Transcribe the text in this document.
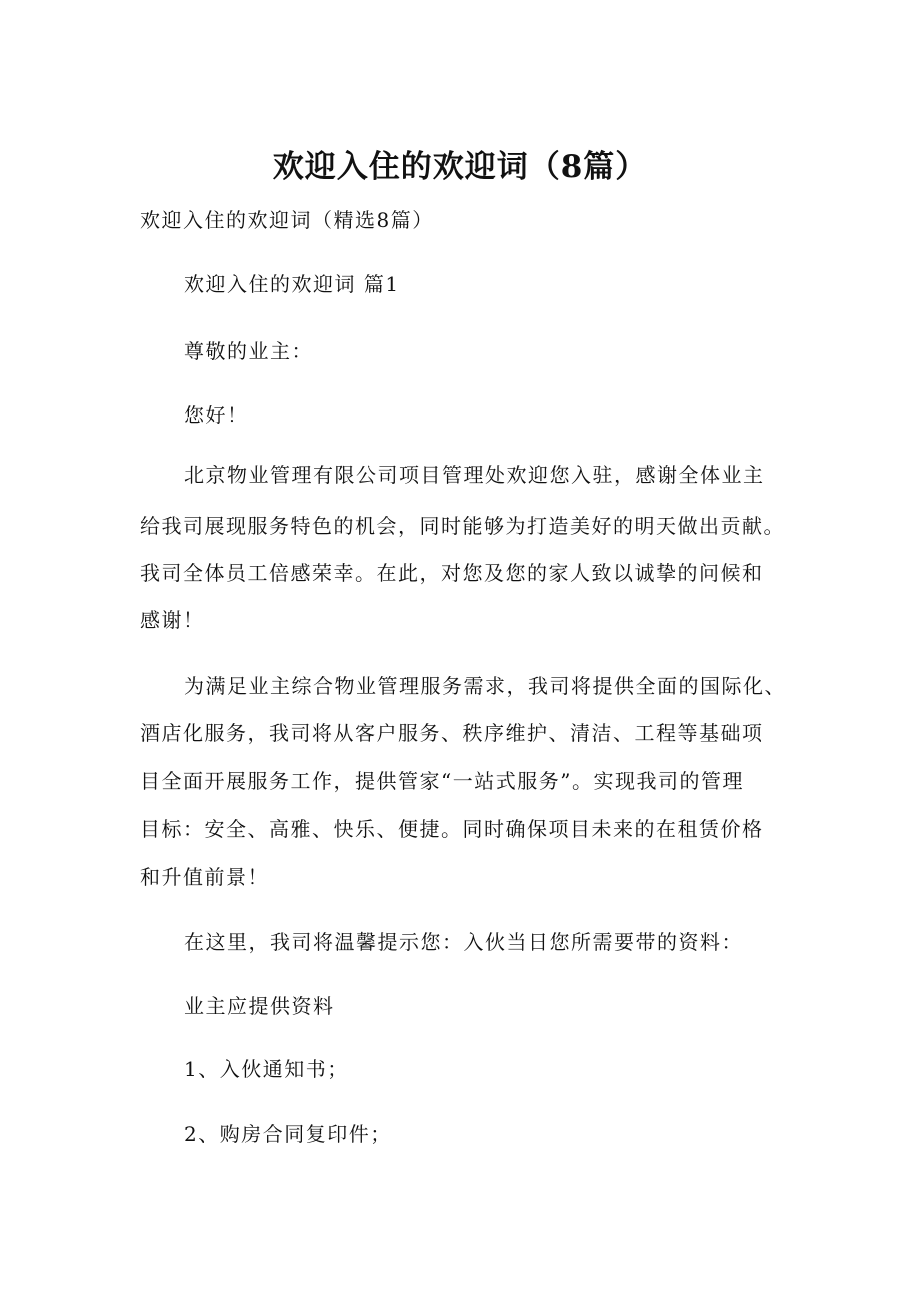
欢迎入住的欢迎词（8篇）
欢迎入住的欢迎词（精选8篇）
欢迎入住的欢迎词 篇1
尊敬的业主：
您好！
北京物业管理有限公司项目管理处欢迎您入驻，感谢全体业主
给我司展现服务特色的机会，同时能够为打造美好的明天做出贡献。
我司全体员工倍感荣幸。在此，对您及您的家人致以诚挚的问候和
感谢！
为满足业主综合物业管理服务需求，我司将提供全面的国际化、
酒店化服务，我司将从客户服务、秩序维护、清洁、工程等基础项
目全面开展服务工作，提供管家“一站式服务”。实现我司的管理
目标：安全、高雅、快乐、便捷。同时确保项目未来的在租赁价格
和升值前景！
在这里，我司将温馨提示您：入伙当日您所需要带的资料：
业主应提供资料
1、入伙通知书；
2、购房合同复印件；
